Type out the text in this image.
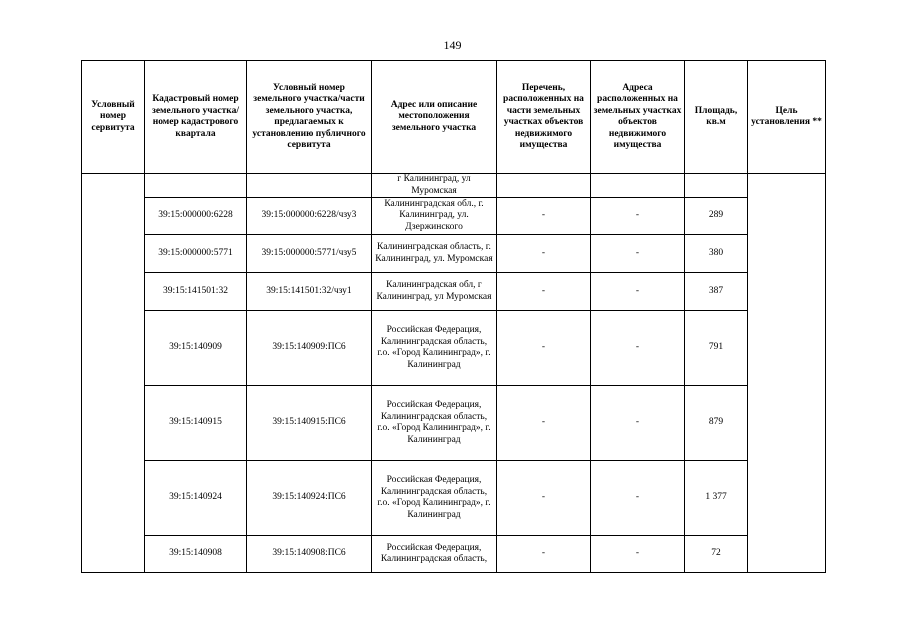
149
Условный номер сервитута	Кадастровый номер земельного участка/номер кадастрового квартала	Условный номер земельного участка/части земельного участка, предлагаемых к установлению публичного сервитута	Адрес или описание местоположения земельного участка	Перечень, расположенных на части земельных участках объектов недвижимого имущества	Адреса расположенных на земельных участках объектов недвижимого имущества	Площадь, кв.м	Цель установления **
			г Калининград, ул Муромская				
	39:15:000000:6228	39:15:000000:6228/чзу3	Калининградская обл., г. Калининград, ул. Дзержинского	-	-	289	
	39:15:000000:5771	39:15:000000:5771/чзу5	Калининградская область, г. Калининград, ул. Муромская	-	-	380	
	39:15:141501:32	39:15:141501:32/чзу1	Калининградская обл, г Калининград, ул Муромская	-	-	387	
	39:15:140909	39:15:140909:ПС6	Российская Федерация, Калининградская область, г.о. «Город Калининград», г. Калининград	-	-	791	
	39:15:140915	39:15:140915:ПС6	Российская Федерация, Калининградская область, г.о. «Город Калининград», г. Калининград	-	-	879	
	39:15:140924	39:15:140924:ПС6	Российская Федерация, Калининградская область, г.о. «Город Калининград», г. Калининград	-	-	1 377	
	39:15:140908	39:15:140908:ПС6	Российская Федерация, Калининградская область,	-	-	72	
